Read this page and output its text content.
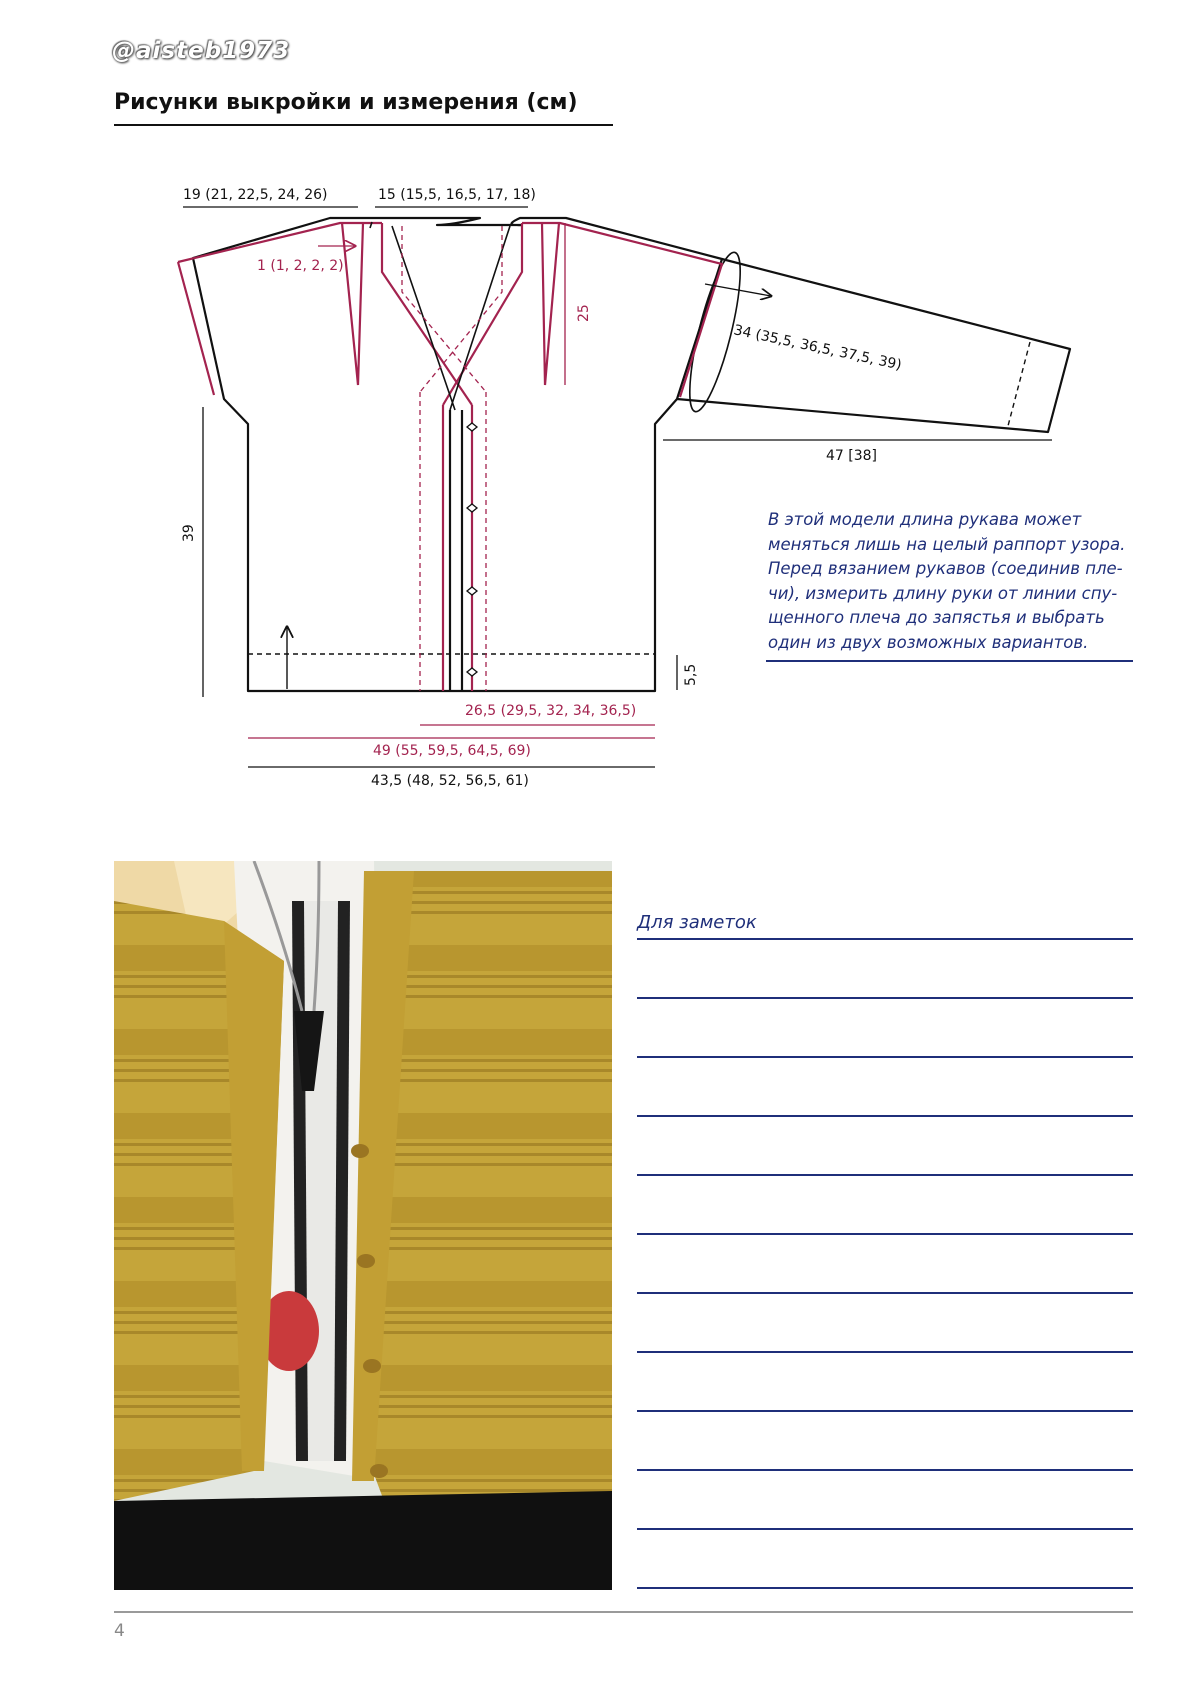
@aisteb1973
Рисунки выкройки и измерения (см)
19 (21, 22,5, 24, 26)	15 (15,5, 16,5, 17, 18)
1 (1, 2, 2, 2)
25
34 (35,5, 36,5, 37,5, 39)
47 [38]
39
5,5
26,5 (29,5, 32, 34, 36,5)
49 (55, 59,5, 64,5, 69)
43,5 (48, 52, 56,5, 61)
В этой модели длина рукава может
меняться лишь на целый раппорт узора.
Перед вязанием рукавов (соединив пле-
чи), измерить длину руки от линии спу-
щенного плеча до запястья и выбрать
один из двух возможных вариантов.
Для заметок
4
